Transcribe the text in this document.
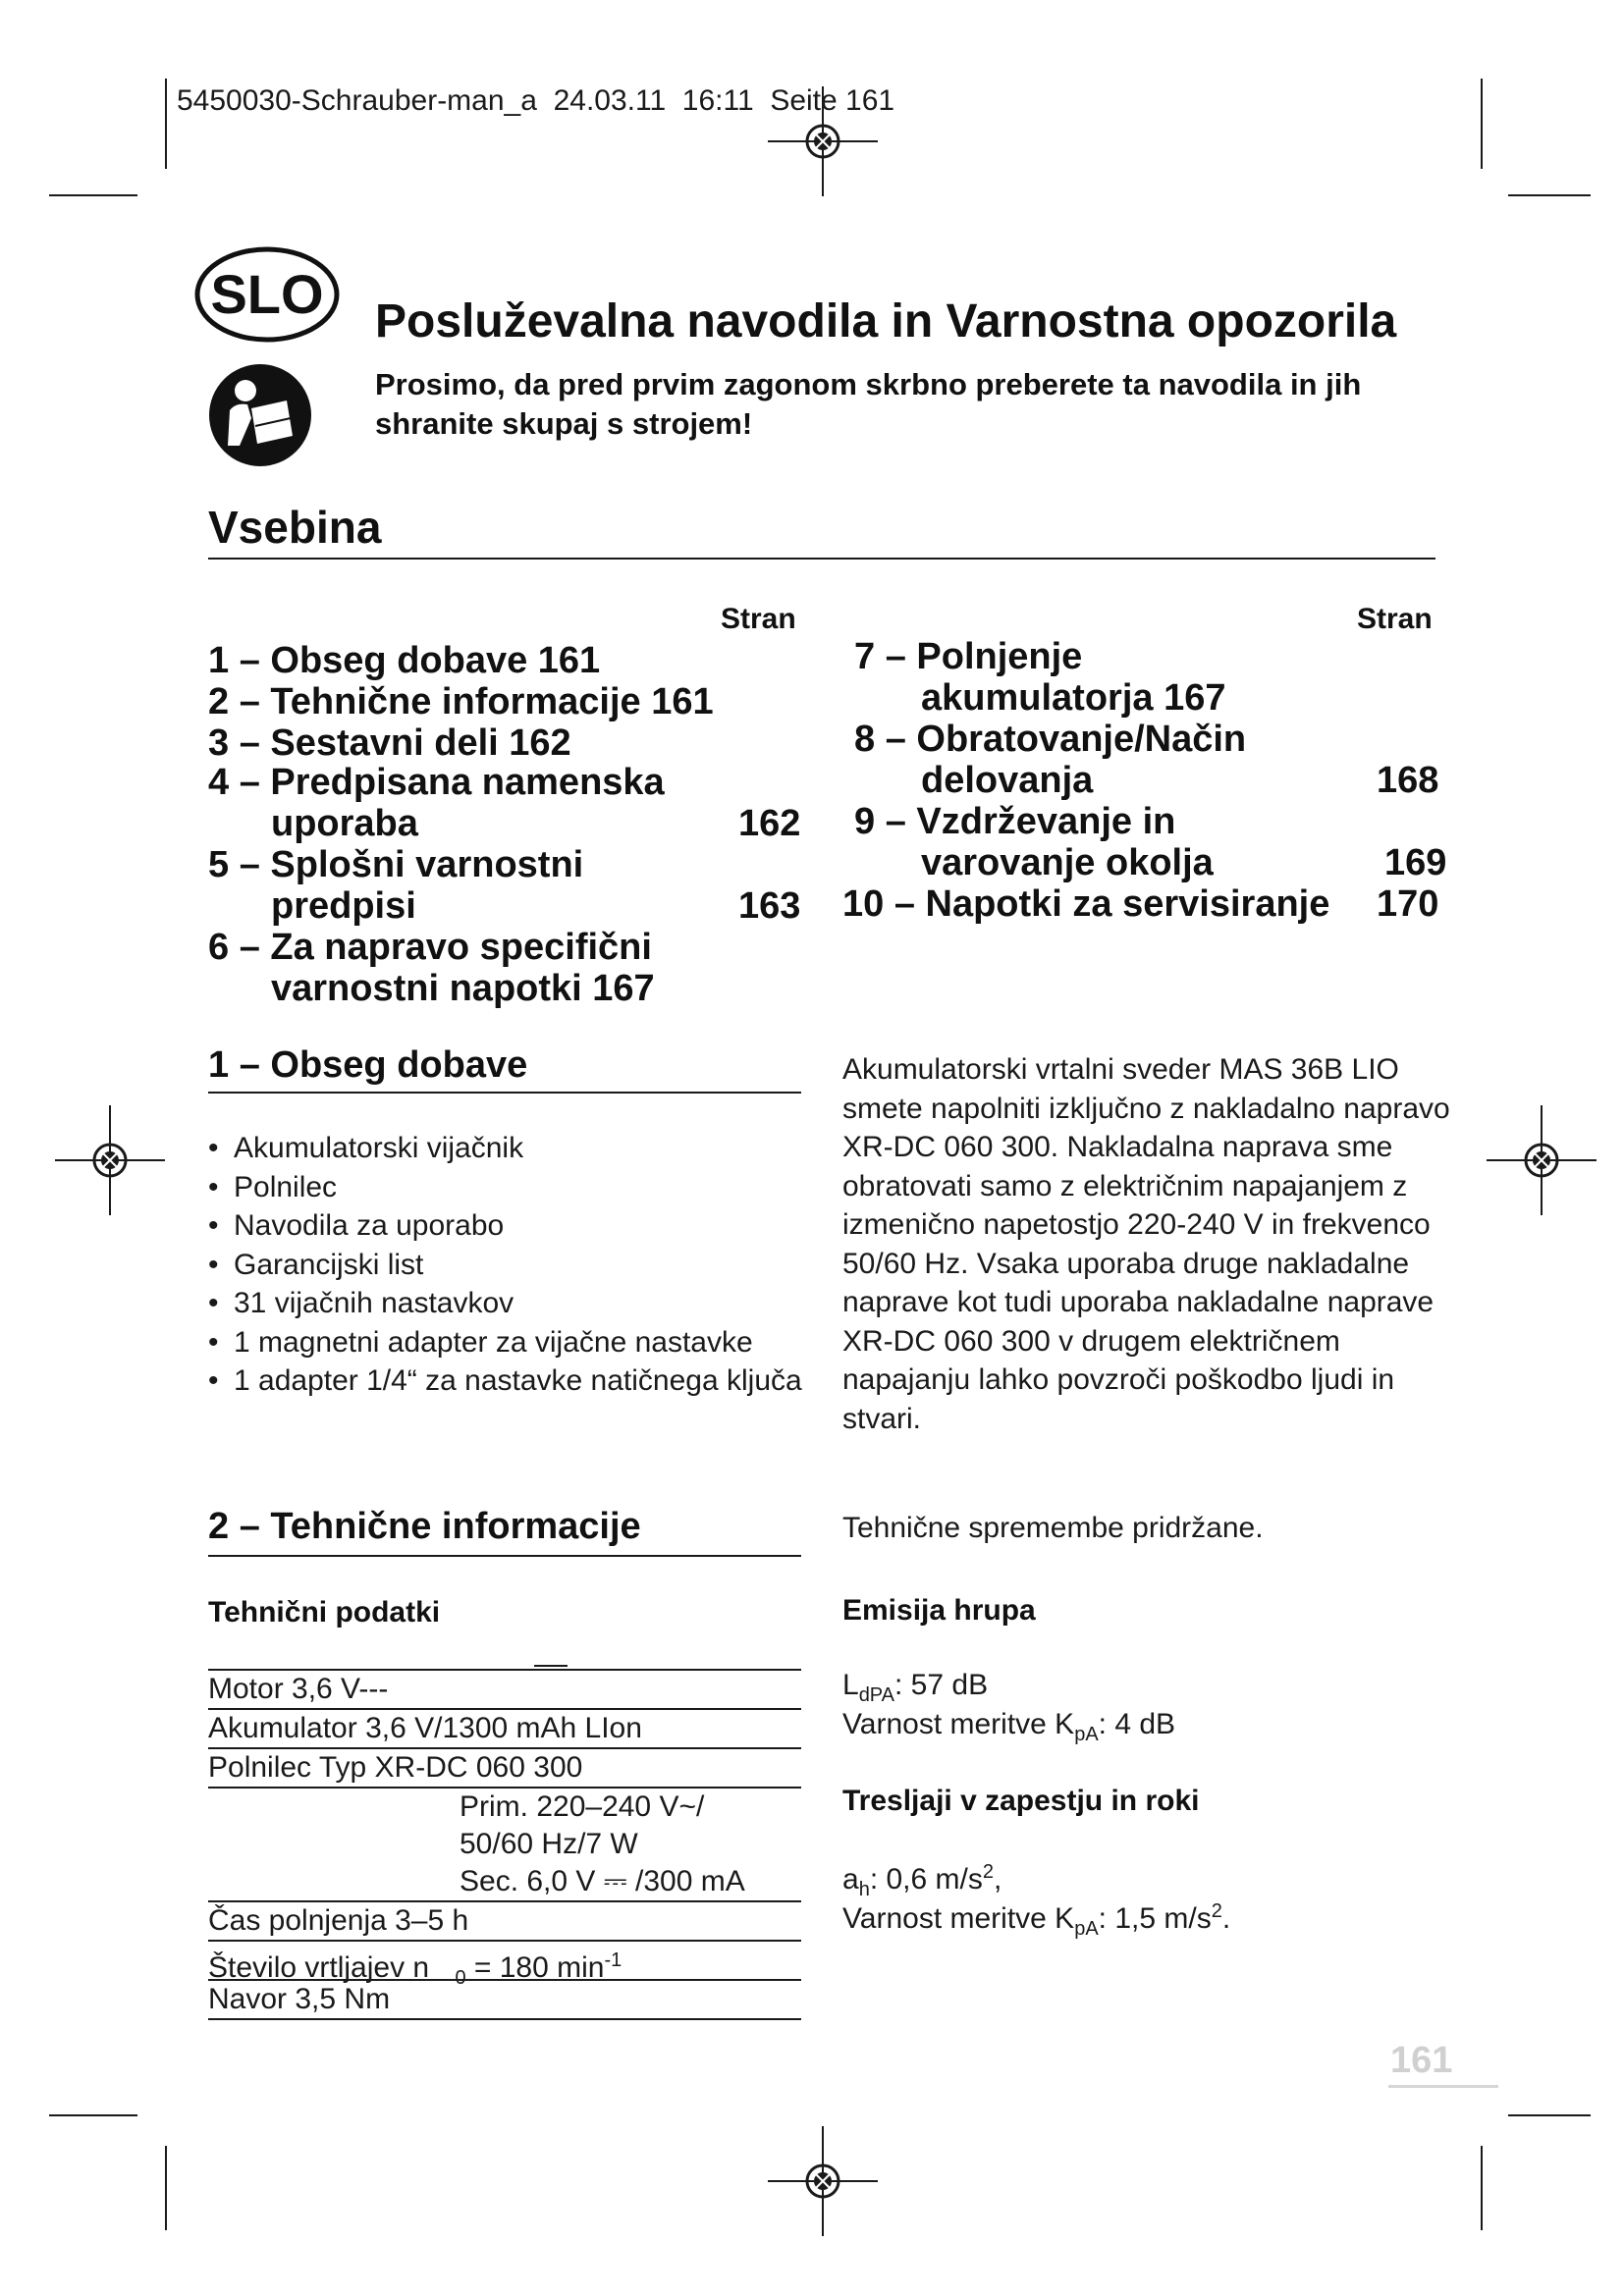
5450030-Schrauber-man_a  24.03.11  16:11  Seite 161
SLO Posluževalna navodila in Varnostna opozorila
Prosimo, da pred prvim zagonom skrbno preberete ta navodila in jih shranite skupaj s strojem!
Vsebina
Stran	Stran
1 – Obseg dobave 161
2 – Tehnične informacije 161
3 – Sestavni deli 162
4 – Predpisana namenska
uporaba	162
5 – Splošni varnostni
predpisi	163
6 – Za napravo specifični
varnostni napotki 167
7 – Polnjenje
akumulatorja 167
8 – Obratovanje/Način
delovanja	168
9 – Vzdrževanje in
varovanje okolja	169
10 – Napotki za servisiranje 170
1 – Obseg dobave
• Akumulatorski vijačnik
• Polnilec
• Navodila za uporabo
• Garancijski list
• 31 vijačnih nastavkov
• 1 magnetni adapter za vijačne nastavke
• 1 adapter 1/4“ za nastavke natičnega ključa
Akumulatorski vrtalni sveder MAS 36B LIO smete napolniti izključno z nakladalno napravo XR-DC 060 300. Nakladalna naprava sme obratovati samo z električnim napajanjem z izmenično napetostjo 220-240 V in frekvenco 50/60 Hz. Vsaka uporaba druge nakladalne naprave kot tudi uporaba nakladalne naprave XR-DC 060 300 v drugem električnem napajanju lahko povzroči poškodbo ljudi in stvari.
2 – Tehnične informacije
Tehnični podatki
Motor 3,6 V---
Akumulator 3,6 V/1300 mAh LIon
Polnilec Typ XR-DC 060 300
Prim. 220–240 V~/
50/60 Hz/7 W
Sec. 6,0 V ⎓ /300 mA
Čas polnjenja 3–5 h
Število vrtljajev n $_0$ = 180 $\min^{-1}$
Navor 3,5 Nm
Tehnične spremembe pridržane.
Emisija hrupa
$L_{dPA}$: 57 dB
Varnost meritve $K_{pA}$: 4 dB
Tresljaji v zapestju in roki
$a_h$: 0,6 $m/s^2$,
Varnost meritve $K_{pA}$: 1,5 $m/s^2$.
161
